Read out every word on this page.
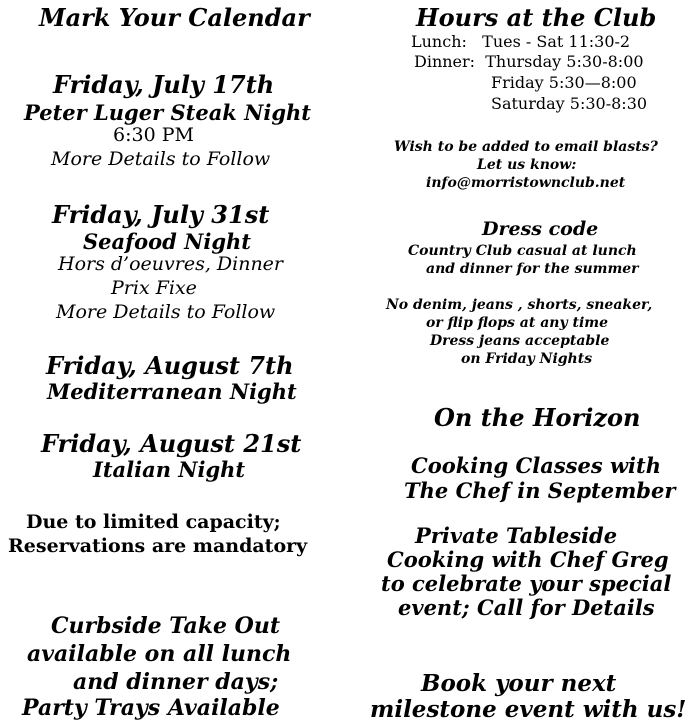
Mark Your Calendar
Friday, July 17th
Peter Luger Steak Night
6:30 PM
More Details to Follow
Friday, July 31st
Seafood Night
Hors d’oeuvres, Dinner
Prix Fixe
More Details to Follow
Friday, August 7th
Mediterranean Night
Friday, August 21st
Italian Night
Due to limited capacity;
Reservations are mandatory
Curbside Take Out
available on all lunch
and dinner days;
Party Trays Available
Hours at the Club
Lunch:   Tues - Sat 11:30-2
Dinner:  Thursday 5:30-8:00
Friday 5:30—8:00
Saturday 5:30-8:30
Wish to be added to email blasts?
Let us know:
info@morristownclub.net
Dress code
Country Club casual at lunch
and dinner for the summer
No denim, jeans , shorts, sneaker,
or flip flops at any time
Dress jeans acceptable
on Friday Nights
On the Horizon
Cooking Classes with
The Chef in September
Private Tableside
Cooking with Chef Greg
to celebrate your special
event; Call for Details
Book your next
milestone event with us!
